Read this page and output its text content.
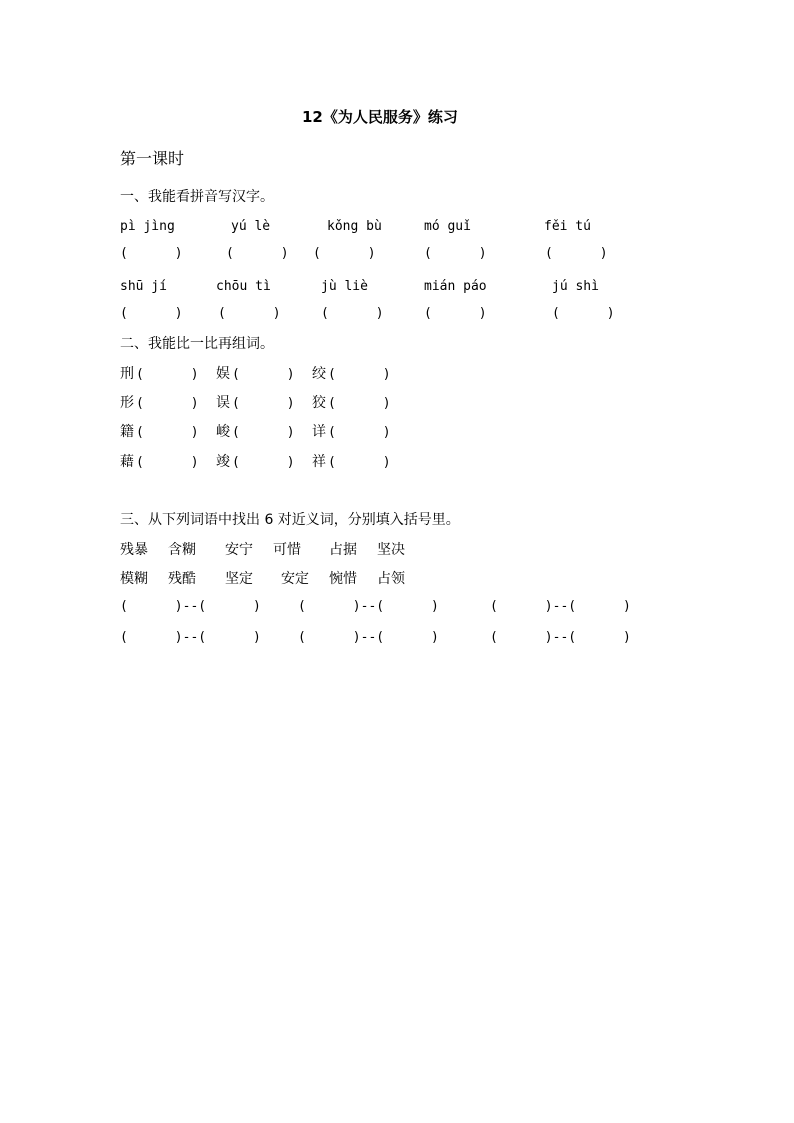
12《为人民服务》练习
第一课时
一、我能看拼音写汉字。
pì jìng	yú lè	kǒng bù	mó guǐ	fěi tú
(      )	(      ) (      )	(      )	(      )
shū jí	chōu tì	jù liè	mián páo	jú shì
(      )	(      )	(      )	(      )	(      )
二、我能比一比再组词。
刑 (      ) 娱 (      ) 绞 (      )
形 (      ) 误 (      ) 狡 (      )
籍 (      ) 峻 (      ) 详 (      )
藉 (      ) 竣 (      ) 祥 (      )
三、从下列词语中找出 6 对近义词，分别填入括号里。
残暴 含糊 安宁 可惜 占据 坚决
模糊 残酷 坚定 安定 惋惜 占领
(      )--(      )	(      )--(      )	(      )--(      )
(      )--(      )	(      )--(      )	(      )--(      )
